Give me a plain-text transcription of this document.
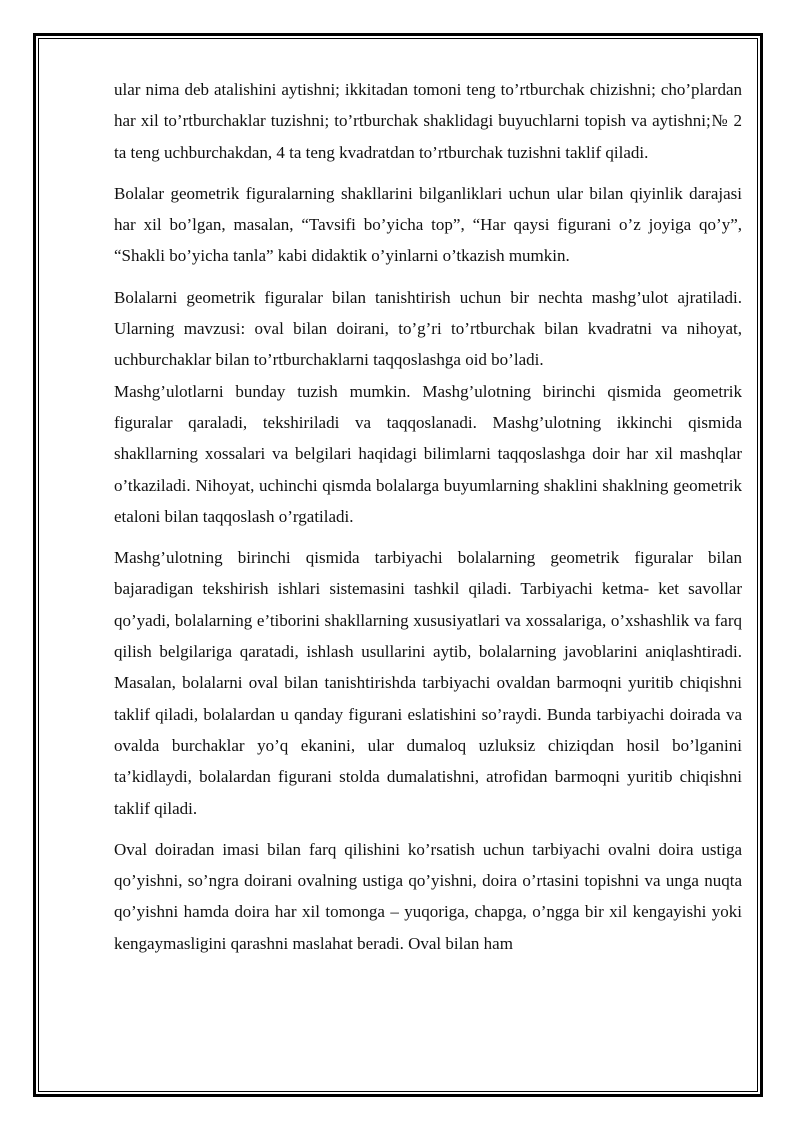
ular nima deb atalishini aytishni; ikkitadan tomoni teng to’rtburchak chizishni; cho’plardan har xil to’rtburchaklar tuzishni; to’rtburchak shaklidagi buyuchlarni topish va aytishni;№ 2 ta teng uchburchakdan, 4 ta teng kvadratdan to’rtburchak tuzishni taklif qiladi.

Bolalar geometrik figuralarning shakllarini bilganliklari uchun ular bilan qiyinlik darajasi har xil bo’lgan, masalan, “Tavsifi bo’yicha top”, “Har qaysi figurani o’z joyiga qo’y”, “Shakli bo’yicha tanla” kabi didaktik o’yinlarni o’tkazish mumkin.

Bolalarni geometrik figuralar bilan tanishtirish uchun bir nechta mashg’ulot ajratiladi. Ularning mavzusi: oval bilan doirani, to’g’ri to’rtburchak bilan kvadratni va nihoyat, uchburchaklar bilan to’rtburchaklarni taqqoslashga oid bo’ladi.

Mashg’ulotlarni bunday tuzish mumkin. Mashg’ulotning birinchi qismida geometrik figuralar qaraladi, tekshiriladi va taqqoslanadi. Mashg’ulotning ikkinchi qismida shakllarning xossalari va belgilari haqidagi bilimlarni taqqoslashga doir har xil mashqlar o’tkaziladi. Nihoyat, uchinchi qismda bolalarga buyumlarning shaklini shaklning geometrik etaloni bilan taqqoslash o’rgatiladi.

Mashg’ulotning birinchi qismida tarbiyachi bolalarning geometrik figuralar bilan bajaradigan tekshirish ishlari sistemasini tashkil qiladi. Tarbiyachi ketma- ket savollar qo’yadi, bolalarning e’tiborini shakllarning xususiyatlari va xossalariga, o’xshashlik va farq qilish belgilariga qaratadi, ishlash usullarini aytib, bolalarning javoblarini aniqlashtiradi. Masalan, bolalarni oval bilan tanishtirishda tarbiyachi ovaldan barmoqni yuritib chiqishni taklif qiladi, bolalardan u qanday figurani eslatishini so’raydi. Bunda tarbiyachi doirada va ovalda burchaklar yo’q ekanini, ular dumaloq uzluksiz chiziqdan hosil bo’lganini ta’kidlaydi, bolalardan figurani stolda dumalatishni, atrofidan barmoqni yuritib chiqishni taklif qiladi.

Oval doiradan imasi bilan farq qilishini ko’rsatish uchun tarbiyachi ovalni doira ustiga qo’yishni, so’ngra doirani ovalning ustiga qo’yishni, doira o’rtasini topishni va unga nuqta qo’yishni hamda doira har xil tomonga – yuqoriga, chapga, o’ngga bir xil kengayishi yoki kengaymasligini qarashni maslahat beradi. Oval bilan ham
